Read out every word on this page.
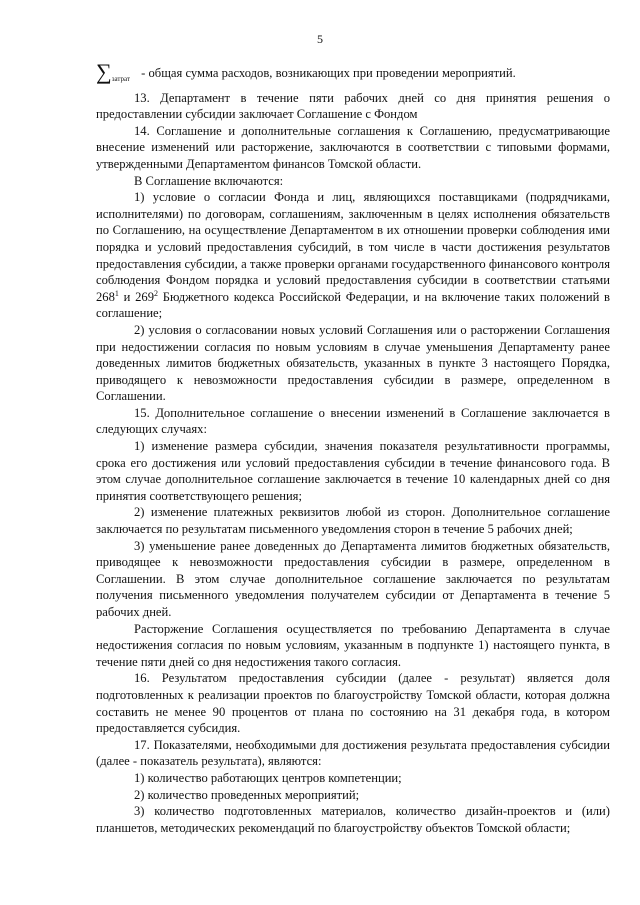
5

$\sum_{затрат}$ - общая сумма расходов, возникающих при проведении мероприятий.

13. Департамент в течение пяти рабочих дней со дня принятия решения о предоставлении субсидии заключает Соглашение с Фондом

14. Соглашение и дополнительные соглашения к Соглашению, предусматривающие внесение изменений или расторжение, заключаются в соответствии с типовыми формами, утвержденными Департаментом финансов Томской области.

В Соглашение включаются:

1) условие о согласии Фонда и лиц, являющихся поставщиками (подрядчиками, исполнителями) по договорам, соглашениям, заключенным в целях исполнения обязательств по Соглашению, на осуществление Департаментом в их отношении проверки соблюдения ими порядка и условий предоставления субсидий, в том числе в части достижения результатов предоставления субсидии, а также проверки органами государственного финансового контроля соблюдения Фондом порядка и условий предоставления субсидии в соответствии статьями $268^1$ и $269^2$ Бюджетного кодекса Российской Федерации, и на включение таких положений в соглашение;

2) условия о согласовании новых условий Соглашения или о расторжении Соглашения при недостижении согласия по новым условиям в случае уменьшения Департаменту ранее доведенных лимитов бюджетных обязательств, указанных в пункте 3 настоящего Порядка, приводящего к невозможности предоставления субсидии в размере, определенном в Соглашении.

15. Дополнительное соглашение о внесении изменений в Соглашение заключается в следующих случаях:

1) изменение размера субсидии, значения показателя результативности программы, срока его достижения или условий предоставления субсидии в течение финансового года. В этом случае дополнительное соглашение заключается в течение 10 календарных дней со дня принятия соответствующего решения;

2) изменение платежных реквизитов любой из сторон. Дополнительное соглашение заключается по результатам письменного уведомления сторон в течение 5 рабочих дней;

3) уменьшение ранее доведенных до Департамента лимитов бюджетных обязательств, приводящее к невозможности предоставления субсидии в размере, определенном в Соглашении. В этом случае дополнительное соглашение заключается по результатам получения письменного уведомления получателем субсидии от Департамента в течение 5 рабочих дней.

Расторжение Соглашения осуществляется по требованию Департамента в случае недостижения согласия по новым условиям, указанным в подпункте 1) настоящего пункта, в течение пяти дней со дня недостижения такого согласия.

16. Результатом предоставления субсидии (далее - результат) является доля подготовленных к реализации проектов по благоустройству Томской области, которая должна составить не менее 90 процентов от плана по состоянию на 31 декабря года, в котором предоставляется субсидия.

17. Показателями, необходимыми для достижения результата предоставления субсидии (далее - показатель результата), являются:

1) количество работающих центров компетенции;

2) количество проведенных мероприятий;

3) количество подготовленных материалов, количество дизайн-проектов и (или) планшетов, методических рекомендаций по благоустройству объектов Томской области;
